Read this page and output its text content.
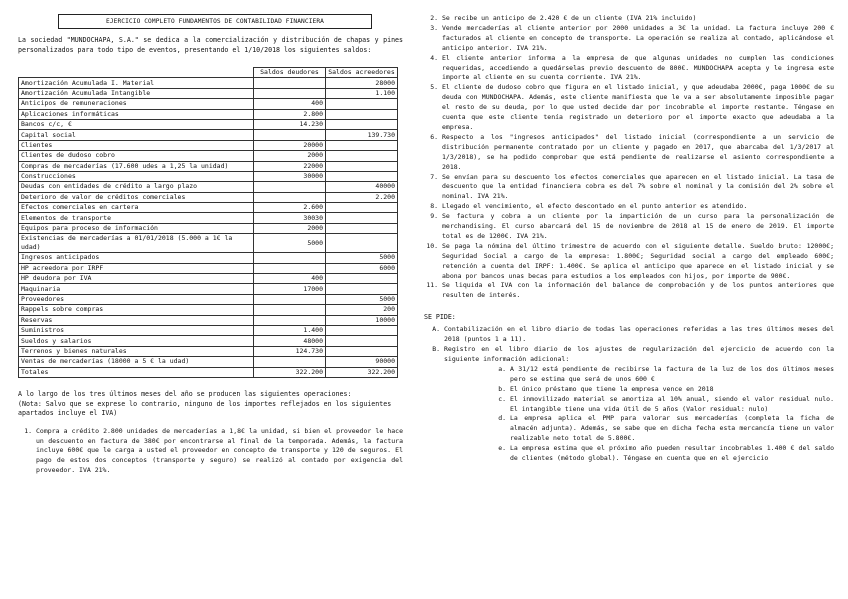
EJERCICIO COMPLETO FUNDAMENTOS DE CONTABILIDAD FINANCIERA
La sociedad "MUNDOCHAPA, S.A." se dedica a la comercialización y distribución de chapas y pines personalizados para todo tipo de eventos, presentando el 1/10/2018 los siguientes saldos:
	Saldos deudores	Saldos acreedores
Amortización Acumulada I. Material		28000
Amortización Acumulada Intangible		1.100
Anticipos de remuneraciones	400	
Aplicaciones informáticas	2.800	
Bancos c/c, €	14.230	
Capital social		139.730
Clientes	20000	
Clientes de dudoso cobro	2000	
Compras de mercaderías (17.600 udes a 1,25 la unidad)	22000	
Construcciones	30000	
Deudas con entidades de crédito a largo plazo		40000
Deterioro de valor de créditos comerciales		2.200
Efectos comerciales en cartera	2.600	
Elementos de transporte	30030	
Equipos para proceso de información	2000	
Existencias de mercaderías a 01/01/2018 (5.000 a 1€ la udad)	5000	
Ingresos anticipados		5000
HP acreedora por IRPF		6000
HP deudora por IVA	400	
Maquinaria	17000	
Proveedores		5000
Rappels sobre compras		200
Reservas		10000
Suministros	1.400	
Sueldos y salarios	48000	
Terrenos y bienes naturales	124.730	
Ventas de mercaderías (18000 a 5 € la udad)		90000
Totales	322.200	322.200
A lo largo de los tres últimos meses del año se producen las siguientes operaciones:
(Nota: Salvo que se exprese lo contrario, ninguno de los importes reflejados en los siguientes apartados incluye el IVA)
1. Compra a crédito 2.800 unidades de mercaderías a 1,8€ la unidad, si bien el proveedor le hace un descuento en factura de 380€ por encontrarse al final de la temporada. Además, la factura incluye 600€ que le carga a usted el proveedor en concepto de transporte y 120 de seguros. El pago de estos dos conceptos (transporte y seguro) se realizó al contado por exigencia del proveedor. IVA 21%.
2. Se recibe un anticipo de 2.420 € de un cliente (IVA 21% incluido)
3. Vende mercaderías al cliente anterior por 2000 unidades a 3€ la unidad. La factura incluye 200 € facturados al cliente en concepto de transporte. La operación se realiza al contado, aplicándose el anticipo anterior. IVA 21%.
4. El cliente anterior informa a la empresa de que algunas unidades no cumplen las condiciones requeridas, accediendo a quedárselas previo descuento de 800€. MUNDOCHAPA acepta y le ingresa este importe al cliente en su cuenta corriente. IVA 21%.
5. El cliente de dudoso cobro que figura en el listado inicial, y que adeudaba 2000€, paga 1000€ de su deuda con MUNDOCHAPA. Además, este cliente manifiesta que le va a ser absolutamente imposible pagar el resto de su deuda, por lo que usted decide dar por incobrable el importe restante. Téngase en cuenta que este cliente tenía registrado un deterioro por el importe exacto que adeudaba a la empresa.
6. Respecto a los "ingresos anticipados" del listado inicial (correspondiente a un servicio de distribución permanente contratado por un cliente y pagado en 2017, que abarcaba del 1/3/2017 al 1/3/2018), se ha podido comprobar que está pendiente de realizarse el asiento correspondiente a 2018.
7. Se envían para su descuento los efectos comerciales que aparecen en el listado inicial. La tasa de descuento que la entidad financiera cobra es del 7% sobre el nominal y la comisión del 2% sobre el nominal. IVA 21%.
8. Llegado el vencimiento, el efecto descontado en el punto anterior es atendido.
9. Se factura y cobra a un cliente por la impartición de un curso para la personalización de merchandising. El curso abarcará del 15 de noviembre de 2018 al 15 de enero de 2019. El importe total es de 1200€. IVA 21%.
10. Se paga la nómina del último trimestre de acuerdo con el siguiente detalle. Sueldo bruto: 12000€; Seguridad Social a cargo de la empresa: 1.800€; Seguridad social a cargo del empleado 600€; retención a cuenta del IRPF: 1.400€. Se aplica el anticipo que aparece en el listado inicial y se abona por bancos unas becas para estudios a los empleados con hijos, por importe de 900€.
11. Se liquida el IVA con la información del balance de comprobación y de los puntos anteriores que resulten de interés.
SE PIDE:
A. Contabilización en el libro diario de todas las operaciones referidas a las tres últimos meses del 2018 (puntos 1 a 11).
B. Registro en el libro diario de los ajustes de regularización del ejercicio de acuerdo con la siguiente información adicional:
a. A 31/12 está pendiente de recibirse la factura de la luz de los dos últimos meses pero se estima que será de unos 600 €
b. El único préstamo que tiene la empresa vence en 2018
c. El inmovilizado material se amortiza al 10% anual, siendo el valor residual nulo. El intangible tiene una vida útil de 5 años (Valor residual: nulo)
d. La empresa aplica el PMP para valorar sus mercaderías (completa la ficha de almacén adjunta). Además, se sabe que en dicha fecha esta mercancía tiene un valor realizable neto total de 5.800€.
e. La empresa estima que el próximo año pueden resultar incobrables 1.400 € del saldo de clientes (método global). Téngase en cuenta que en el ejercicio
